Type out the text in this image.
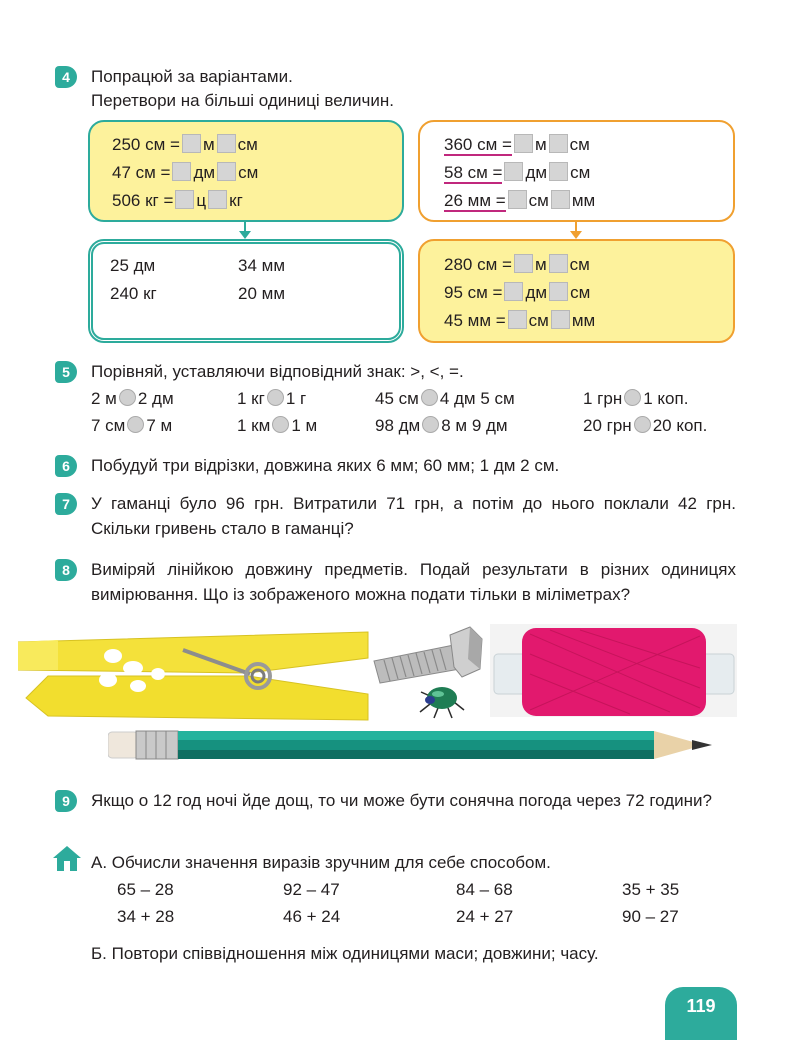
4	Попрацюй за варіантами.
Перетвори на більші одиниці величин.
250 см = м см
47 см = дм см
506 кг = ц кг
360 см = м см
58 см = дм см
26 мм = см мм
25 дм	34 мм
240 кг	20 мм
280 см = м см
95 см = дм см
45 мм = см мм
5	Порівняй, уставляючи відповідний знак: >, <, =.
2 м 2 дм	1 кг 1 г	45 см 4 дм 5 см	1 грн 1 коп.
7 см 7 м	1 км 1 м	98 дм 8 м 9 дм	20 грн 20 коп.
6	Побудуй три відрізки, довжина яких 6 мм; 60 мм; 1 дм 2 см.
7	У гаманці було 96 грн. Витратили 71 грн, а потім до нього поклали 42 грн. Скільки гривень стало в гаманці?
8	Виміряй лінійкою довжину предметів. Подай результати в різних одиницях вимірювання. Що із зображеного можна подати тільки в міліметрах?
9	Якщо о 12 год ночі йде дощ, то чи може бути сонячна погода через 72 години?
А. Обчисли значення виразів зручним для себе способом.
65 – 28	92 – 47	84 – 68	35 + 35
34 + 28	46 + 24	24 + 27	90 – 27
Б. Повтори співвідношення між одиницями маси; довжини; часу.
119
